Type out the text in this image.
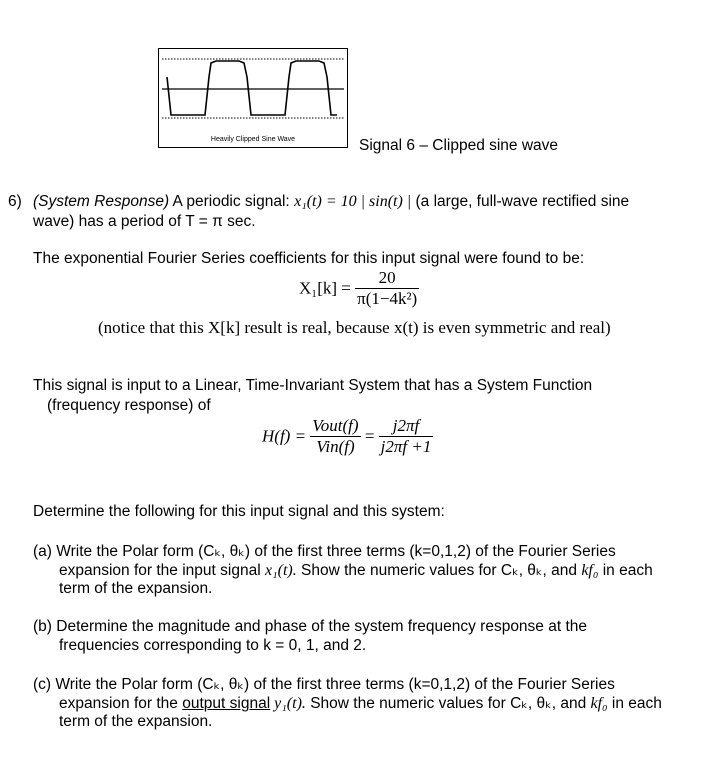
Heavily Clipped Sine Wave	Signal 6 – Clipped sine wave
6) (System Response) A periodic signal: x₁(t) = 10 | sin(t) | (a large, full-wave rectified sine
wave) has a period of T = π sec.
The exponential Fourier Series coefficients for this input signal were found to be:
$X_1[k] = \frac{20}{\text{π(1−4k²)}}$
(notice that this X[k] result is real, because x(t) is even symmetric and real)
This signal is input to a Linear, Time-Invariant System that has a System Function
(frequency response) of
$H(f) = \frac{\text{Vout(f)}}{\text{Vin(f)}} = \frac{j2\pi f}{j2\pi f +1}$
Determine the following for this input signal and this system:
(a) Write the Polar form (Cₖ, θₖ) of the first three terms (k=0,1,2) of the Fourier Series
expansion for the input signal x₁(t). Show the numeric values for Cₖ, θₖ, and kf₀ in each
term of the expansion.
(b) Determine the magnitude and phase of the system frequency response at the
frequencies corresponding to k = 0, 1, and 2.
(c) Write the Polar form (Cₖ, θₖ) of the first three terms (k=0,1,2) of the Fourier Series
expansion for the output signal y₁(t). Show the numeric values for Cₖ, θₖ, and kf₀ in each
term of the expansion.
